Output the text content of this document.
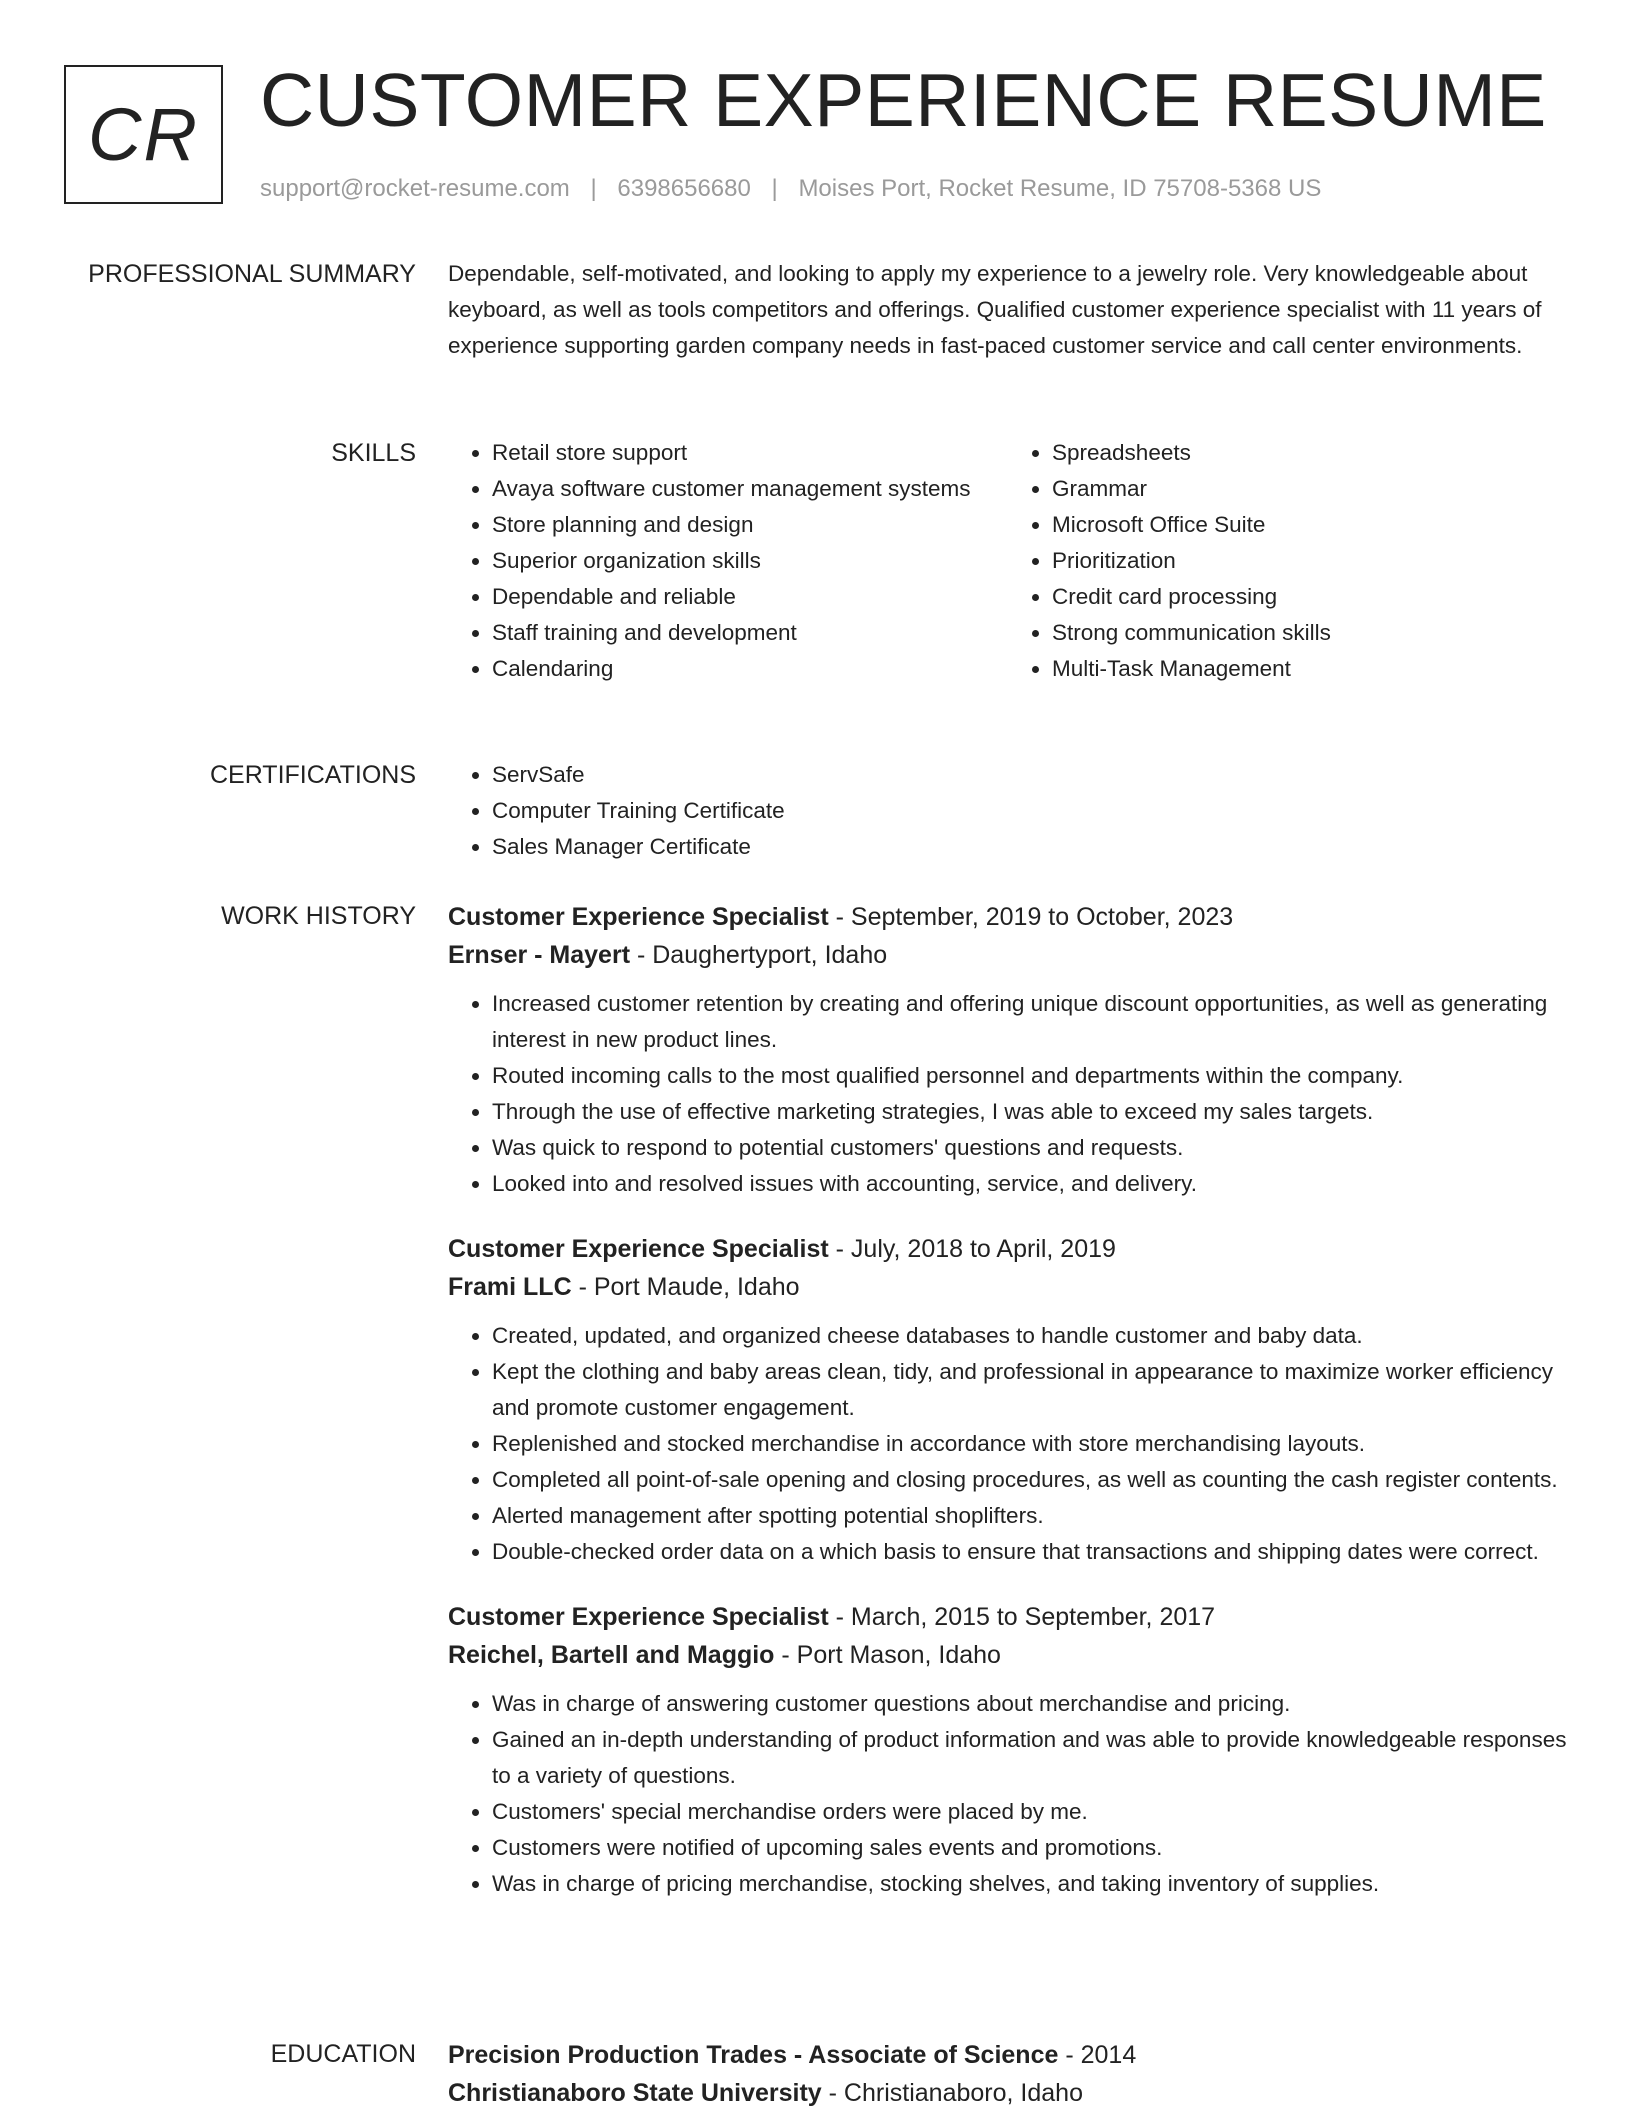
CR CUSTOMER EXPERIENCE RESUME
support@rocket-resume.com | 6398656680 | Moises Port, Rocket Resume, ID 75708-5368 US
PROFESSIONAL SUMMARY Dependable, self-motivated, and looking to apply my experience to a jewelry role. Very knowledgeable about keyboard, as well as tools competitors and offerings. Qualified customer experience specialist with 11 years of experience supporting garden company needs in fast-paced customer service and call center environments.
SKILLS	• Retail store support
• Avaya software customer management systems
• Store planning and design
• Superior organization skills
• Dependable and reliable
• Staff training and development
• Calendaring
• Spreadsheets
• Grammar
• Microsoft Office Suite
• Prioritization
• Credit card processing
• Strong communication skills
• Multi-Task Management
CERTIFICATIONS	• ServSafe
• Computer Training Certificate
• Sales Manager Certificate
WORK HISTORY Customer Experience Specialist - September, 2019 to October, 2023
Ernser - Mayert - Daughertyport, Idaho
• Increased customer retention by creating and offering unique discount opportunities, as well as generating interest in new product lines.
• Routed incoming calls to the most qualified personnel and departments within the company.
• Through the use of effective marketing strategies, I was able to exceed my sales targets.
• Was quick to respond to potential customers' questions and requests.
• Looked into and resolved issues with accounting, service, and delivery.
Customer Experience Specialist - July, 2018 to April, 2019
Frami LLC - Port Maude, Idaho
• Created, updated, and organized cheese databases to handle customer and baby data.
• Kept the clothing and baby areas clean, tidy, and professional in appearance to maximize worker efficiency and promote customer engagement.
• Replenished and stocked merchandise in accordance with store merchandising layouts.
• Completed all point-of-sale opening and closing procedures, as well as counting the cash register contents.
• Alerted management after spotting potential shoplifters.
• Double-checked order data on a which basis to ensure that transactions and shipping dates were correct.
Customer Experience Specialist - March, 2015 to September, 2017
Reichel, Bartell and Maggio - Port Mason, Idaho
• Was in charge of answering customer questions about merchandise and pricing.
• Gained an in-depth understanding of product information and was able to provide knowledgeable responses to a variety of questions.
• Customers' special merchandise orders were placed by me.
• Customers were notified of upcoming sales events and promotions.
• Was in charge of pricing merchandise, stocking shelves, and taking inventory of supplies.
EDUCATION Precision Production Trades - Associate of Science - 2014
Christianaboro State University - Christianaboro, Idaho
